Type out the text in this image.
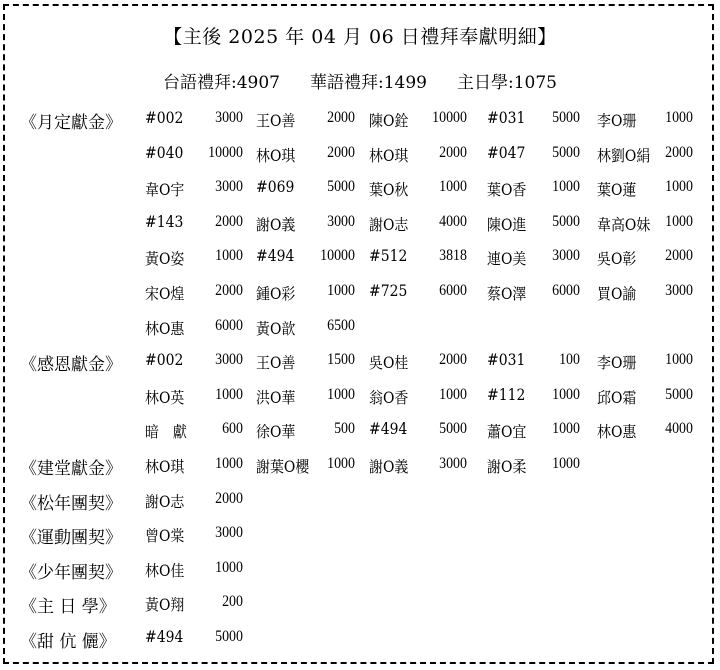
【主後 2025 年 04 月 06 日禮拜奉獻明細】
台語禮拜:4907 華語禮拜:1499 主日學:1075
《月定獻金》 #002	3000 王O善	2000 陳O銓	10000 #031	5000 李O珊	1000
#040	10000 林O琪	2000 林O琪	2000 #047	5000 林劉O絹 2000
韋O宇	3000 #069	5000 葉O秋	1000 葉O香	1000 葉O蓮	1000
#143	2000 謝O義	3000 謝O志	4000 陳O進	5000 韋高O妹 1000
黃O姿	1000 #494	10000 #512	3818 連O美	3000 吳O彰	2000
宋O煌	2000 鍾O彩	1000 #725	6000 蔡O澤	6000 買O諭	3000
林O惠	6000 黃O歆	6500
《感恩獻金》 #002	3000 王O善	1500 吳O桂	2000 #031	100 李O珊	1000
林O英	1000 洪O華	1000 翁O香	1000 #112	1000 邱O霜	5000
暗　獻	600 徐O華	500 #494	5000 蕭O宜	1000 林O惠	4000
《建堂獻金》 林O琪	1000 謝葉O櫻	1000 謝O義	3000 謝O柔	1000
《松年團契》 謝O志	2000
《運動團契》 曾O棠	3000
《少年團契》 林O佳	1000
《主 日 學》 黃O翔	200
《甜 伉 儷》 #494	5000
